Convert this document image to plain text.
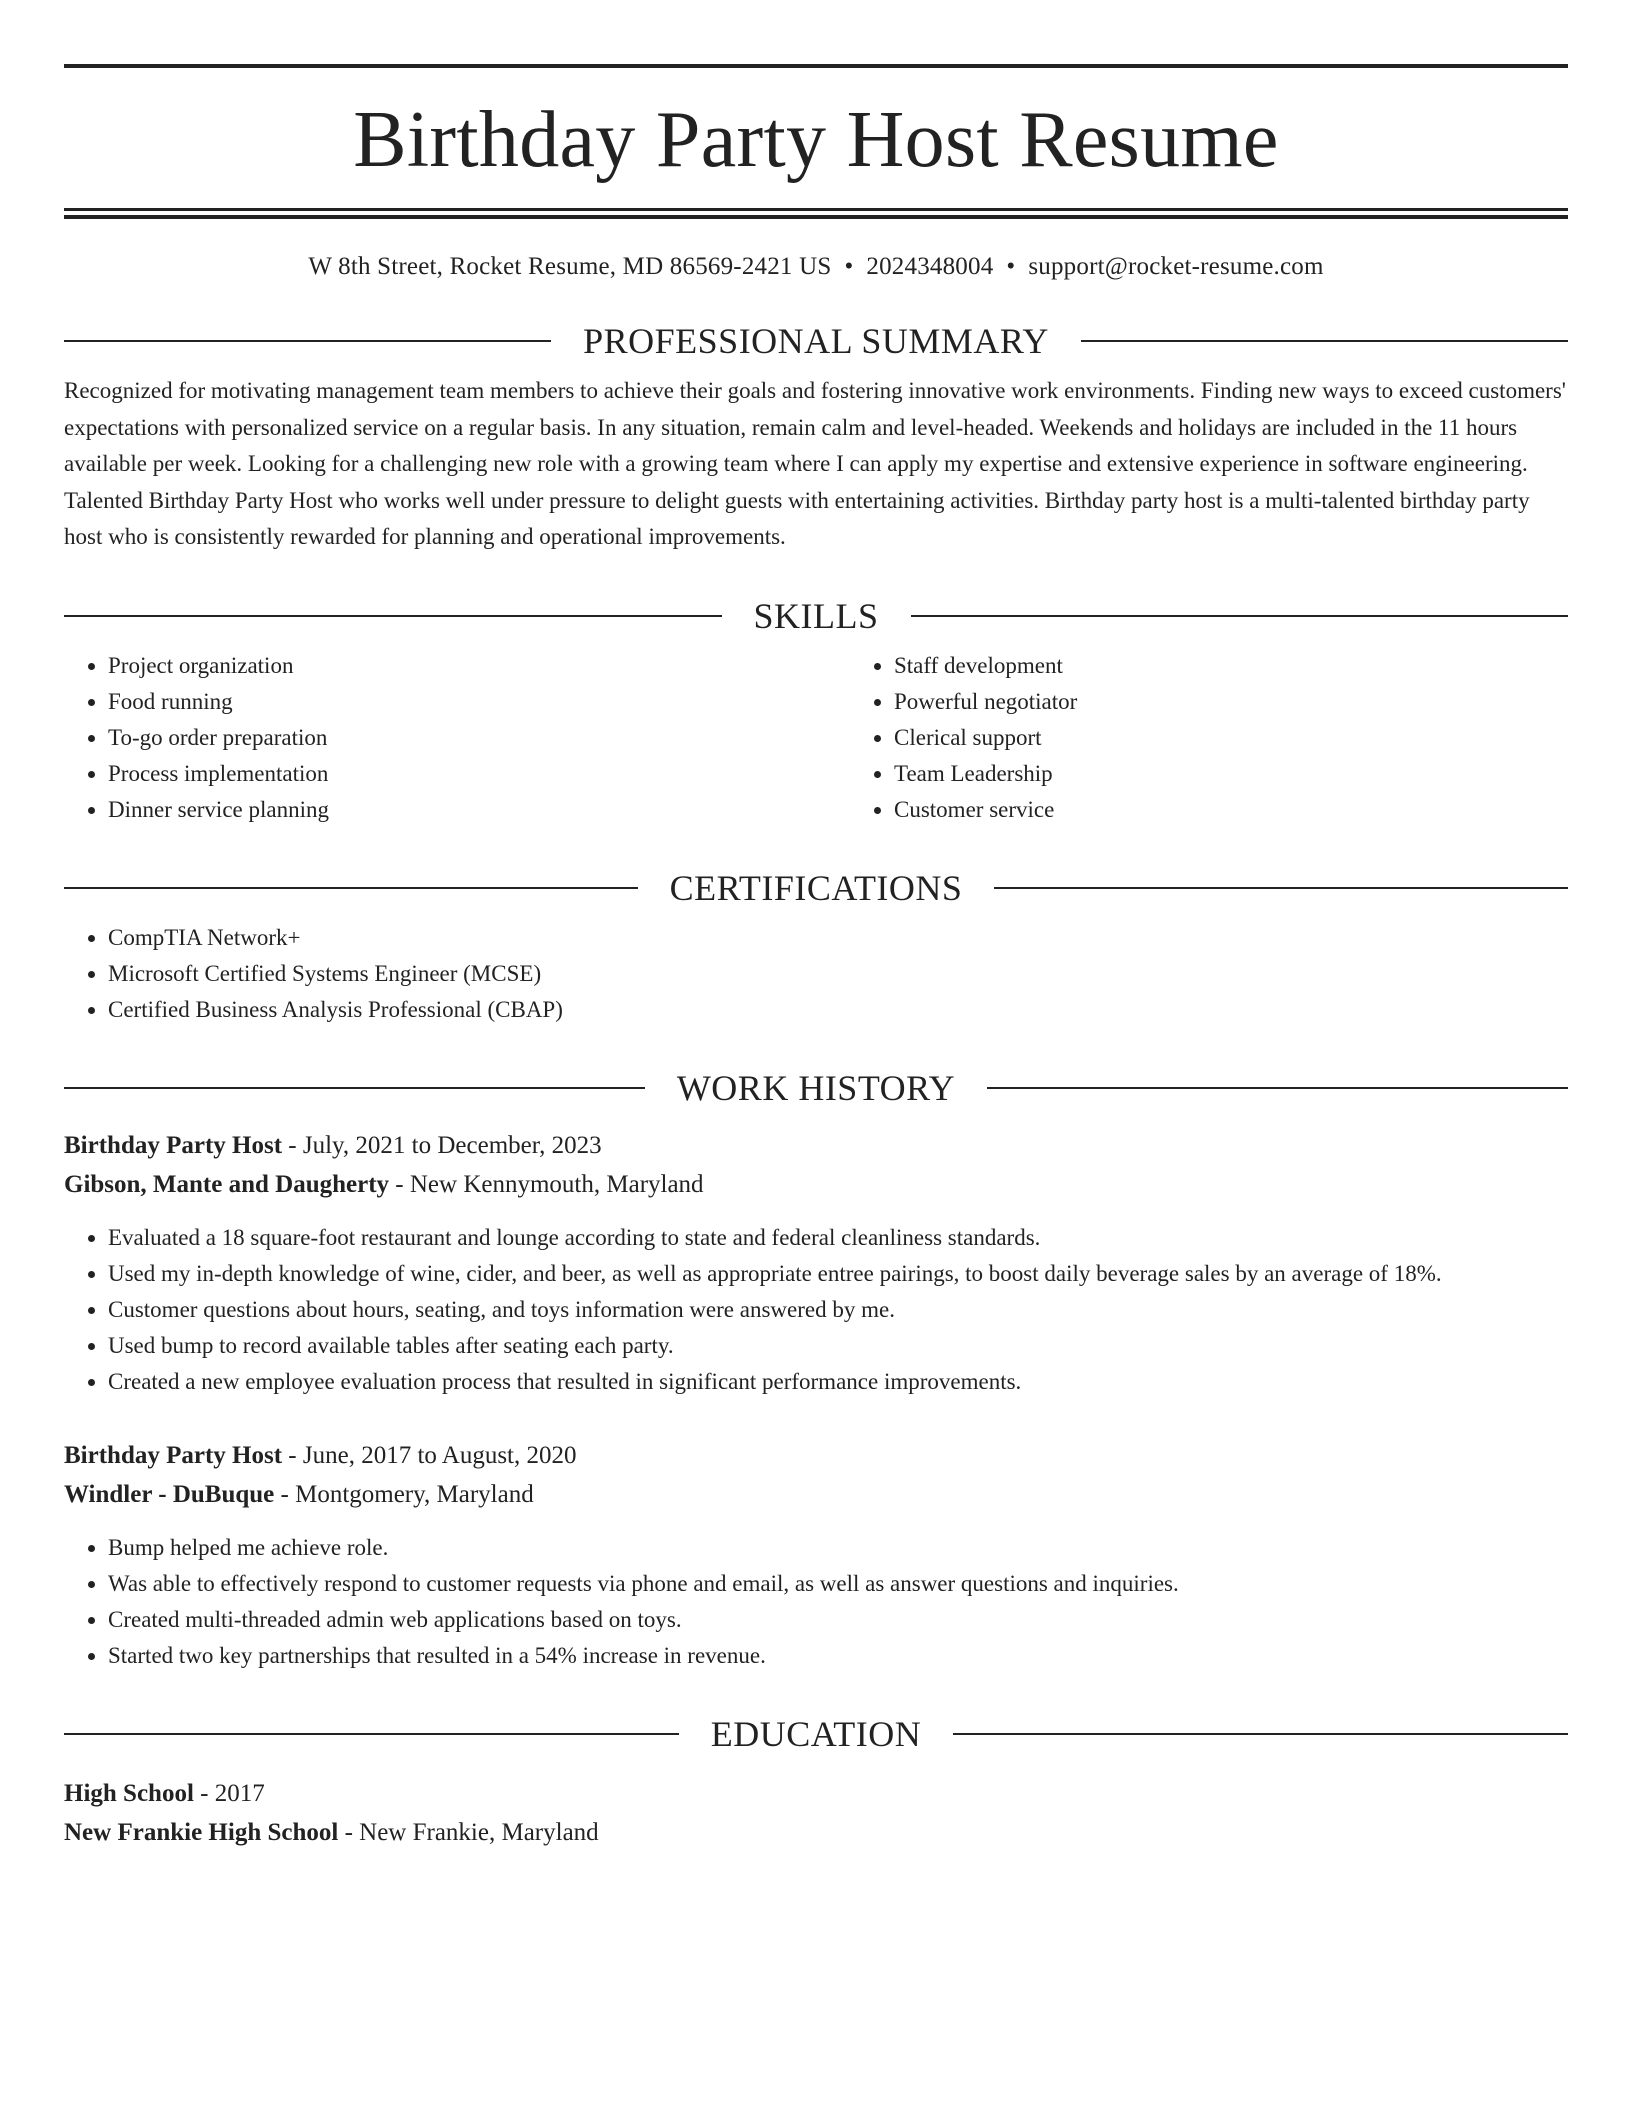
Birthday Party Host Resume
W 8th Street, Rocket Resume, MD 86569-2421 US • 2024348004 • support@rocket-resume.com
PROFESSIONAL SUMMARY

Recognized for motivating management team members to achieve their goals and fostering innovative work environments. Finding new ways to exceed customers' expectations with personalized service on a regular basis. In any situation, remain calm and level-headed. Weekends and holidays are included in the 11 hours available per week. Looking for a challenging new role with a growing team where I can apply my expertise and extensive experience in software engineering. Talented Birthday Party Host who works well under pressure to delight guests with entertaining activities. Birthday party host is a multi-talented birthday party host who is consistently rewarded for planning and operational improvements.

SKILLS
• Project organization
• Food running
• To-go order preparation
• Process implementation
• Dinner service planning
• Staff development
• Powerful negotiator
• Clerical support
• Team Leadership
• Customer service
CERTIFICATIONS
• CompTIA Network+
• Microsoft Certified Systems Engineer (MCSE)
• Certified Business Analysis Professional (CBAP)
WORK HISTORY
Birthday Party Host - July, 2021 to December, 2023
Gibson, Mante and Daugherty - New Kennymouth, Maryland
• Evaluated a 18 square-foot restaurant and lounge according to state and federal cleanliness standards.
• Used my in-depth knowledge of wine, cider, and beer, as well as appropriate entree pairings, to boost daily beverage sales by an average of 18%.
• Customer questions about hours, seating, and toys information were answered by me.
• Used bump to record available tables after seating each party.
• Created a new employee evaluation process that resulted in significant performance improvements.
Birthday Party Host - June, 2017 to August, 2020
Windler - DuBuque - Montgomery, Maryland
• Bump helped me achieve role.
• Was able to effectively respond to customer requests via phone and email, as well as answer questions and inquiries.
• Created multi-threaded admin web applications based on toys.
• Started two key partnerships that resulted in a 54% increase in revenue.
EDUCATION
High School - 2017
New Frankie High School - New Frankie, Maryland
